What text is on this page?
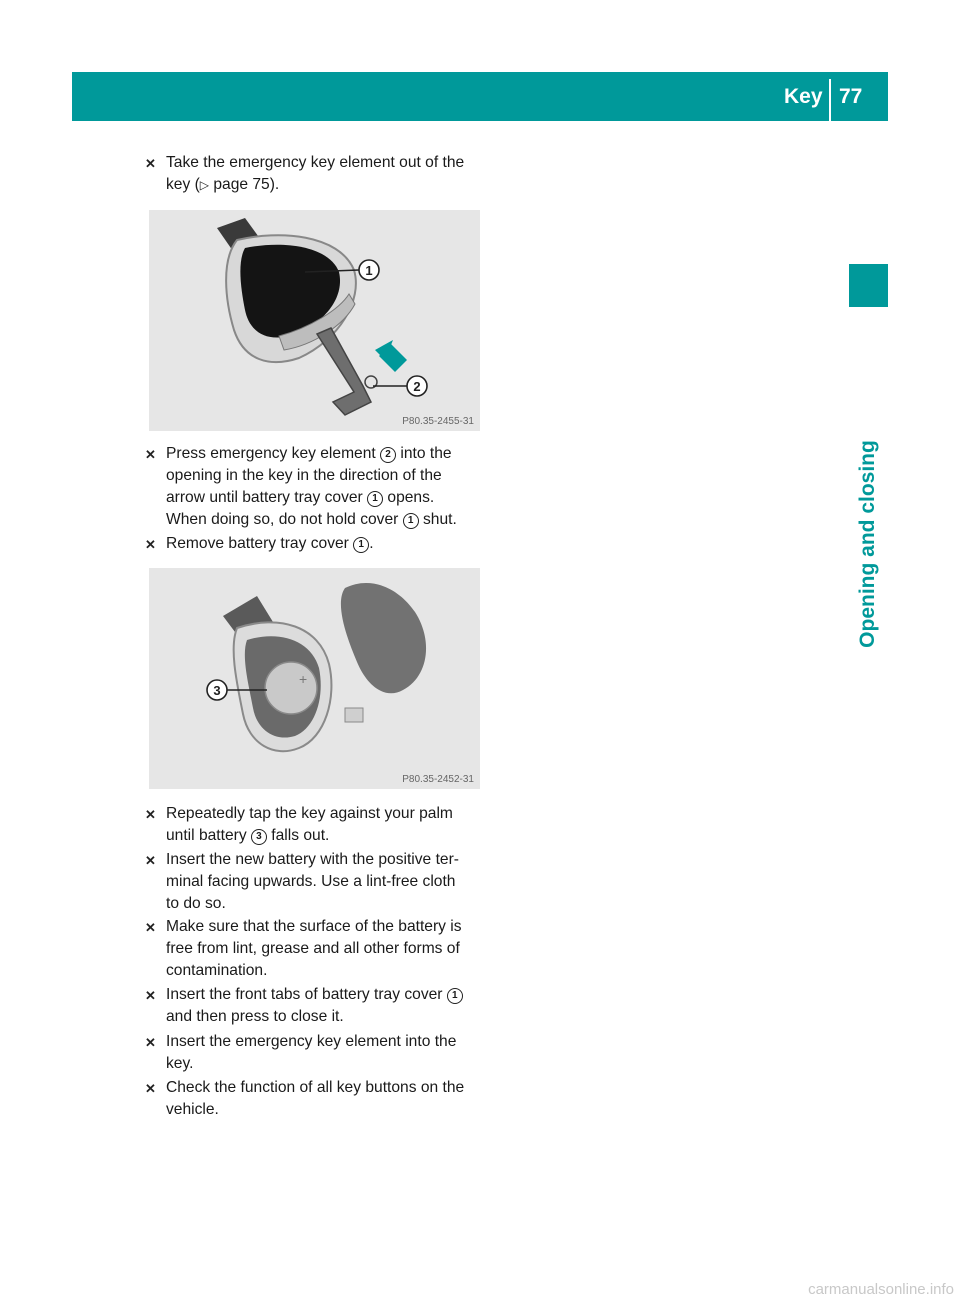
Key 77
Opening and closing
✕ Take the emergency key element out of the
key (▷ page 75).
1
2
P80.35-2455-31
✕ Press emergency key element 2 into the
opening in the key in the direction of the
arrow until battery tray cover 1 opens.
When doing so, do not hold cover 1 shut.
✕ Remove battery tray cover 1 .
+
3
P80.35-2452-31
✕ Repeatedly tap the key against your palm
until battery 3 falls out.
✕ Insert the new battery with the positive ter-
minal facing upwards. Use a lint-free cloth
to do so.
✕ Make sure that the surface of the battery is
free from lint, grease and all other forms of
contamination.
✕ Insert the front tabs of battery tray cover 1
and then press to close it.
✕ Insert the emergency key element into the
key.
✕ Check the function of all key buttons on the
vehicle.
carmanualsonline.info
